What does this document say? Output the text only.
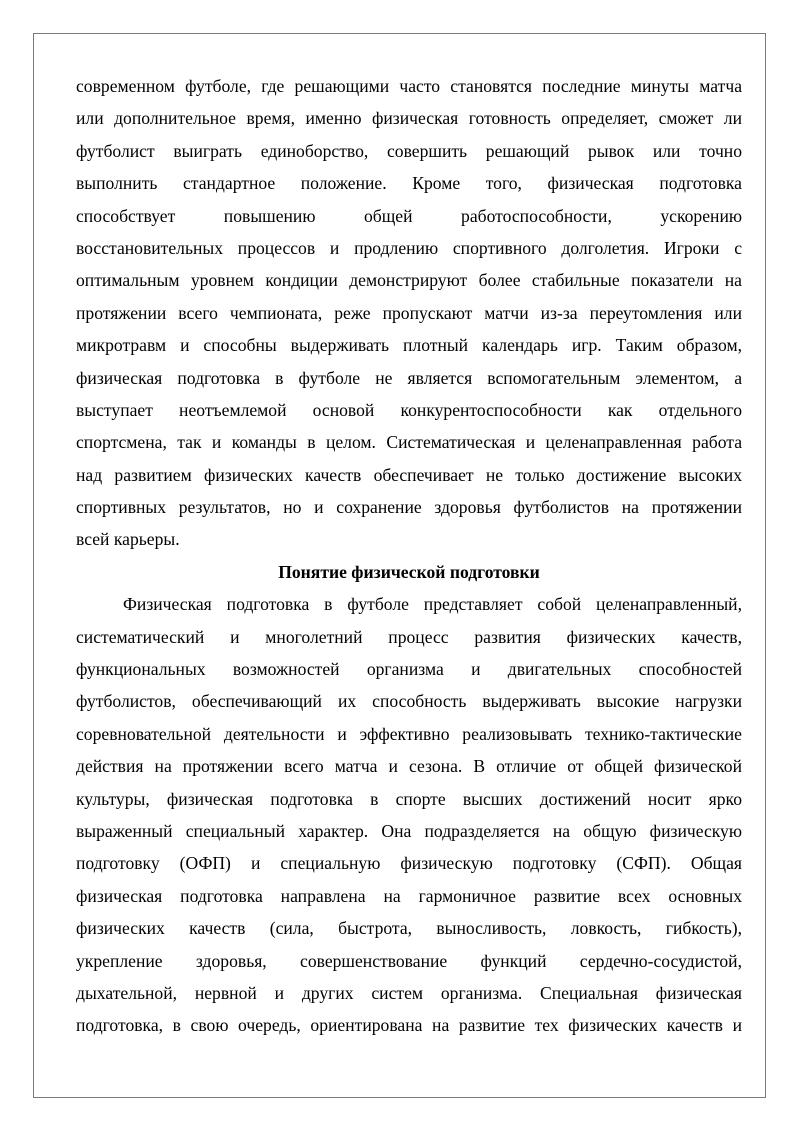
современном футболе, где решающими часто становятся последние минуты матча
или дополнительное время, именно физическая готовность определяет, сможет ли
футболист выиграть единоборство, совершить решающий рывок или точно
выполнить стандартное положение. Кроме того, физическая подготовка
способствует повышению общей работоспособности, ускорению
восстановительных процессов и продлению спортивного долголетия. Игроки с
оптимальным уровнем кондиции демонстрируют более стабильные показатели на
протяжении всего чемпионата, реже пропускают матчи из-за переутомления или
микротравм и способны выдерживать плотный календарь игр. Таким образом,
физическая подготовка в футболе не является вспомогательным элементом, а
выступает неотъемлемой основой конкурентоспособности как отдельного
спортсмена, так и команды в целом. Систематическая и целенаправленная работа
над развитием физических качеств обеспечивает не только достижение высоких
спортивных результатов, но и сохранение здоровья футболистов на протяжении
всей карьеры.
Понятие физической подготовки
Физическая подготовка в футболе представляет собой целенаправленный,
систематический и многолетний процесс развития физических качеств,
функциональных возможностей организма и двигательных способностей
футболистов, обеспечивающий их способность выдерживать высокие нагрузки
соревновательной деятельности и эффективно реализовывать технико-тактические
действия на протяжении всего матча и сезона. В отличие от общей физической
культуры, физическая подготовка в спорте высших достижений носит ярко
выраженный специальный характер. Она подразделяется на общую физическую
подготовку (ОФП) и специальную физическую подготовку (СФП). Общая
физическая подготовка направлена на гармоничное развитие всех основных
физических качеств (сила, быстрота, выносливость, ловкость, гибкость),
укрепление здоровья, совершенствование функций сердечно-сосудистой,
дыхательной, нервной и других систем организма. Специальная физическая
подготовка, в свою очередь, ориентирована на развитие тех физических качеств и
